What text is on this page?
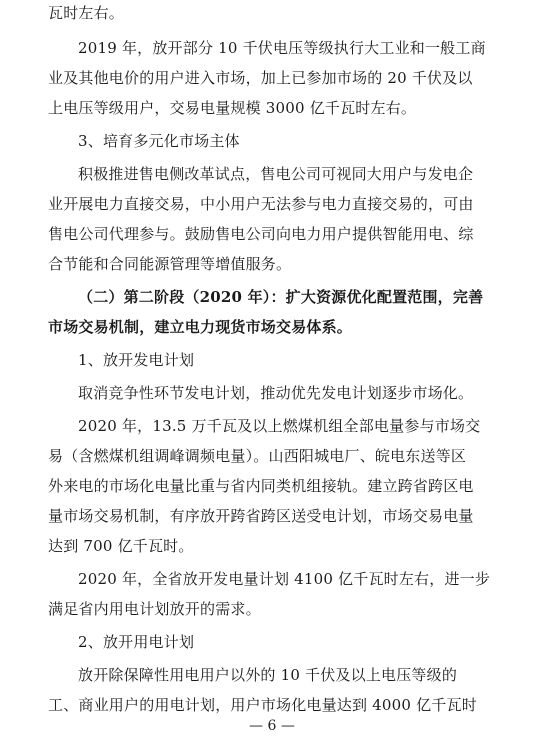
瓦时左右。
2019 年，放开部分 10 千伏电压等级执行大工业和一般工商
业及其他电价的用户进入市场，加上已参加市场的 20 千伏及以
上电压等级用户，交易电量规模 3000 亿千瓦时左右。
3、培育多元化市场主体
积极推进售电侧改革试点，售电公司可视同大用户与发电企
业开展电力直接交易，中小用户无法参与电力直接交易的，可由
售电公司代理参与。鼓励售电公司向电力用户提供智能用电、综
合节能和合同能源管理等增值服务。
（二）第二阶段（2020 年）：扩大资源优化配置范围，完善
市场交易机制，建立电力现货市场交易体系。
1、放开发电计划
取消竞争性环节发电计划，推动优先发电计划逐步市场化。
2020 年，13.5 万千瓦及以上燃煤机组全部电量参与市场交
易（含燃煤机组调峰调频电量）。山西阳城电厂、皖电东送等区
外来电的市场化电量比重与省内同类机组接轨。建立跨省跨区电
量市场交易机制，有序放开跨省跨区送受电计划，市场交易电量
达到 700 亿千瓦时。
2020 年，全省放开发电量计划 4100 亿千瓦时左右，进一步
满足省内用电计划放开的需求。
2、放开用电计划
放开除保障性用电用户以外的 10 千伏及以上电压等级的
工、商业用户的用电计划，用户市场化电量达到 4000 亿千瓦时
— 6 —
